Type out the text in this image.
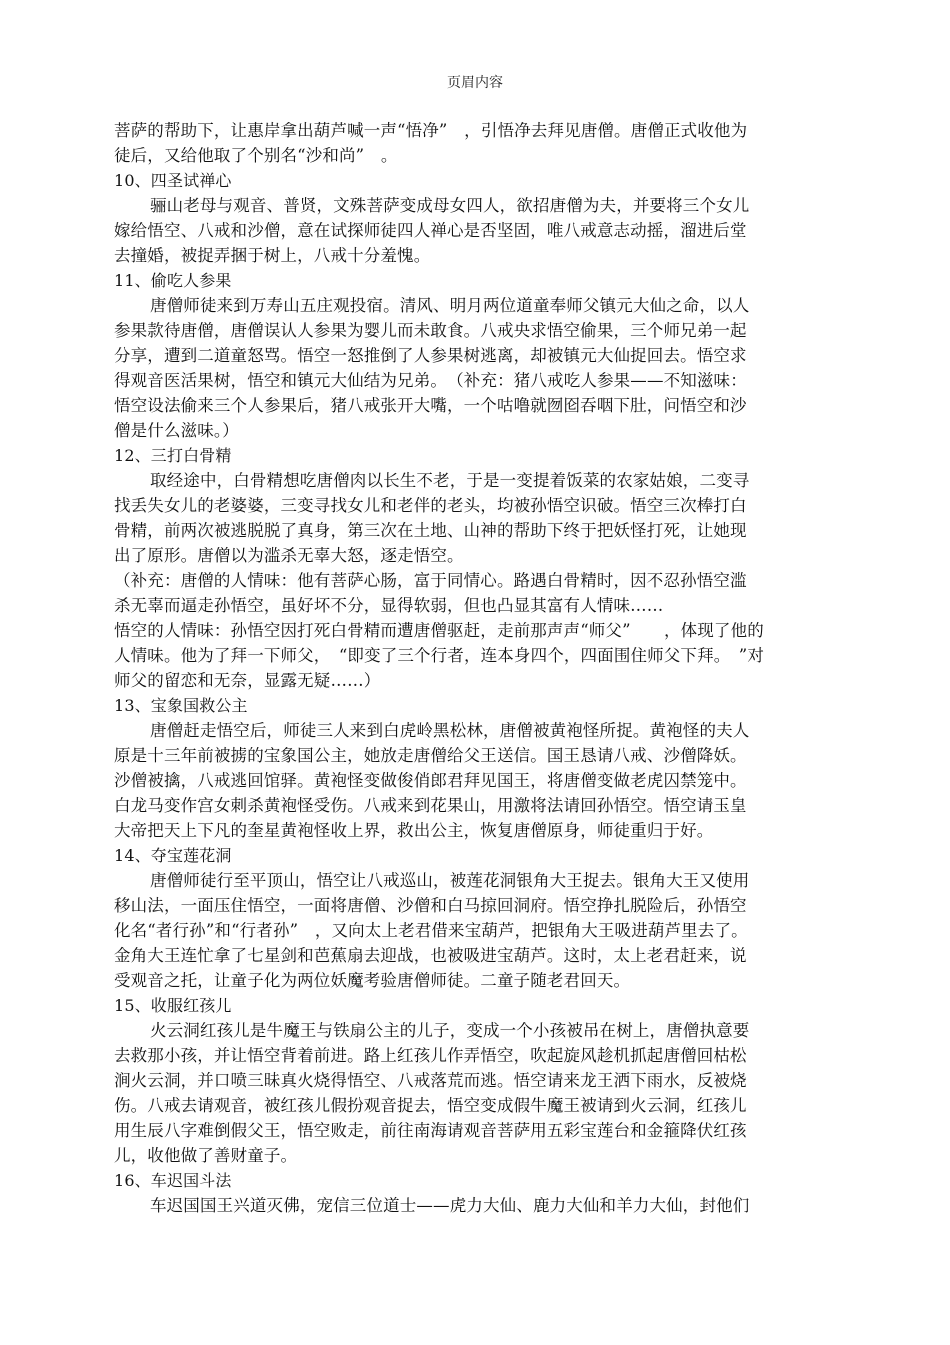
页眉内容
菩萨的帮助下，让惠岸拿出葫芦喊一声“悟净”　，引悟净去拜见唐僧。唐僧正式收他为
徒后，又给他取了个别名“沙和尚”　。
10、四圣试禅心
骊山老母与观音、普贤，文殊菩萨变成母女四人，欲招唐僧为夫，并要将三个女儿
嫁给悟空、八戒和沙僧，意在试探师徒四人禅心是否坚固，唯八戒意志动摇，溜进后堂
去撞婚，被捉弄捆于树上，八戒十分羞愧。
11、偷吃人参果
唐僧师徒来到万寿山五庄观投宿。清风、明月两位道童奉师父镇元大仙之命，以人
参果款待唐僧，唐僧误认人参果为婴儿而未敢食。八戒央求悟空偷果，三个师兄弟一起
分享，遭到二道童怒骂。悟空一怒推倒了人参果树逃离，却被镇元大仙捉回去。悟空求
得观音医活果树，悟空和镇元大仙结为兄弟。　（补充：猪八戒吃人参果——不知滋味：
悟空设法偷来三个人参果后，猪八戒张开大嘴，一个咕噜就囫囵吞咽下肚，问悟空和沙
僧是什么滋味。）
12、三打白骨精
取经途中，白骨精想吃唐僧肉以长生不老，于是一变提着饭菜的农家姑娘，二变寻
找丢失女儿的老婆婆，三变寻找女儿和老伴的老头，均被孙悟空识破。悟空三次棒打白
骨精，前两次被逃脱脱了真身，第三次在土地、山神的帮助下终于把妖怪打死，让她现
出了原形。唐僧以为滥杀无辜大怒，逐走悟空。
（补充：唐僧的人情味：他有菩萨心肠，富于同情心。路遇白骨精时，因不忍孙悟空滥
杀无辜而逼走孙悟空，虽好坏不分，显得软弱，但也凸显其富有人情味……
悟空的人情味：孙悟空因打死白骨精而遭唐僧驱赶，走前那声声“师父”　　，体现了他的
人情味。他为了拜一下师父，　“即变了三个行者，连本身四个，四面围住师父下拜。　”对
师父的留恋和无奈，显露无疑……）
13、宝象国救公主
唐僧赶走悟空后，师徒三人来到白虎岭黑松林，唐僧被黄袍怪所捉。黄袍怪的夫人
原是十三年前被掳的宝象国公主，她放走唐僧给父王送信。国王恳请八戒、沙僧降妖。
沙僧被擒，八戒逃回馆驿。黄袍怪变做俊俏郎君拜见国王，将唐僧变做老虎囚禁笼中。
白龙马变作宫女刺杀黄袍怪受伤。八戒来到花果山，用激将法请回孙悟空。悟空请玉皇
大帝把天上下凡的奎星黄袍怪收上界，救出公主，恢复唐僧原身，师徒重归于好。
14、夺宝莲花洞
唐僧师徒行至平顶山，悟空让八戒巡山，被莲花洞银角大王捉去。银角大王又使用
移山法，一面压住悟空，一面将唐僧、沙僧和白马掠回洞府。悟空挣扎脱险后，孙悟空
化名“者行孙”和“行者孙”　，又向太上老君借来宝葫芦，把银角大王吸进葫芦里去了。
金角大王连忙拿了七星剑和芭蕉扇去迎战，也被吸进宝葫芦。这时，太上老君赶来，说
受观音之托，让童子化为两位妖魔考验唐僧师徒。二童子随老君回天。
15、收服红孩儿
火云洞红孩儿是牛魔王与铁扇公主的儿子，变成一个小孩被吊在树上，唐僧执意要
去救那小孩，并让悟空背着前进。路上红孩儿作弄悟空，吹起旋风趁机抓起唐僧回枯松
涧火云洞，并口喷三昧真火烧得悟空、八戒落荒而逃。悟空请来龙王洒下雨水，反被烧
伤。八戒去请观音，被红孩儿假扮观音捉去，悟空变成假牛魔王被请到火云洞，红孩儿
用生辰八字难倒假父王，悟空败走，前往南海请观音菩萨用五彩宝莲台和金箍降伏红孩
儿，收他做了善财童子。
16、车迟国斗法
车迟国国王兴道灭佛，宠信三位道士——虎力大仙、鹿力大仙和羊力大仙，封他们
